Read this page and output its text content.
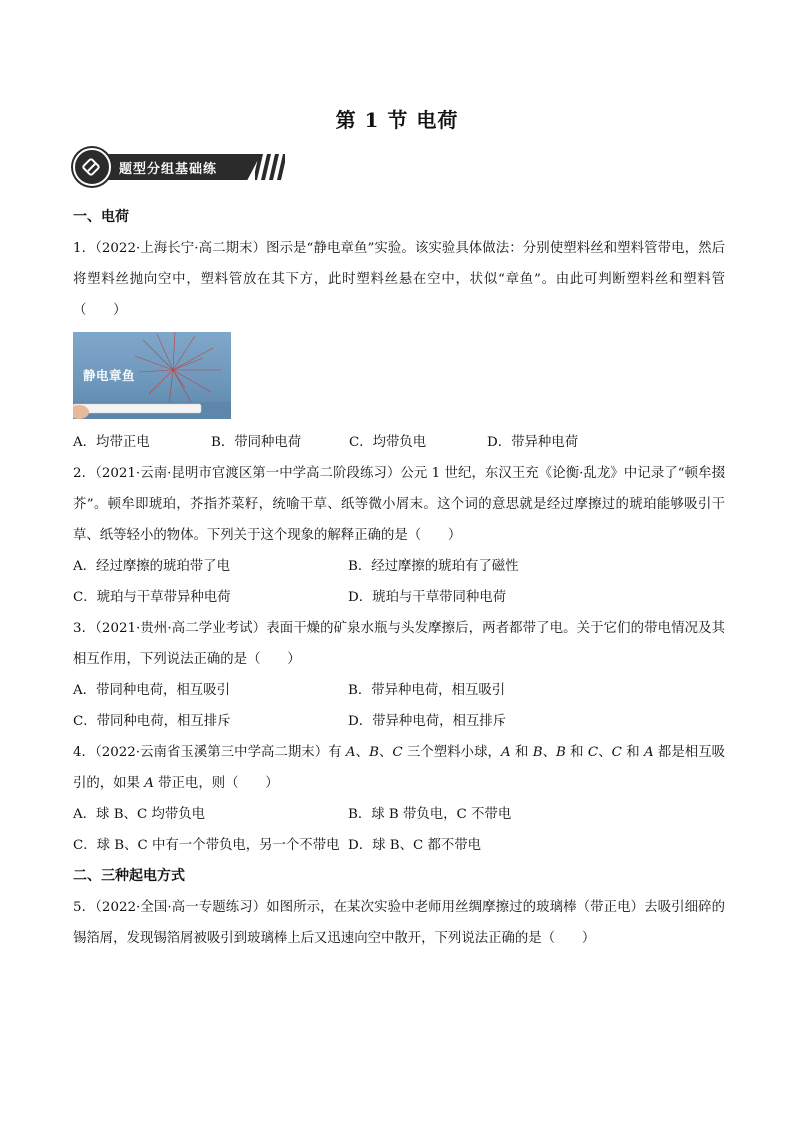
第 1 节 电荷
题型分组基础练

一、电荷

1．（2022·上海长宁·高二期末）图示是“静电章鱼”实验。该实验具体做法：分别使塑料丝和塑料管带电，然后将塑料丝抛向空中，塑料管放在其下方，此时塑料丝悬在空中，状似“章鱼”。由此可判断塑料丝和塑料管（　　）

静电章鱼
A．均带正电	B．带同种电荷	C．均带负电	D．带异种电荷

2．（2021·云南·昆明市官渡区第一中学高二阶段练习）公元 1 世纪，东汉王充《论衡·乱龙》中记录了“顿牟掇芥”。顿牟即琥珀，芥指芥菜籽，统喻干草、纸等微小屑末。这个词的意思就是经过摩擦过的琥珀能够吸引干草、纸等轻小的物体。下列关于这个现象的解释正确的是（　　）

A．经过摩擦的琥珀带了电	B．经过摩擦的琥珀有了磁性
C．琥珀与干草带异种电荷	D．琥珀与干草带同种电荷

3．（2021·贵州·高二学业考试）表面干燥的矿泉水瓶与头发摩擦后，两者都带了电。关于它们的带电情况及其相互作用，下列说法正确的是（　　）

A．带同种电荷，相互吸引	B．带异种电荷，相互吸引
C．带同种电荷，相互排斥	D．带异种电荷，相互排斥

4．（2022·云南省玉溪第三中学高二期末）有 A、B、C 三个塑料小球，A 和 B、B 和 C、C 和 A 都是相互吸引的，如果 A 带正电，则（　　）

A．球 B、C 均带负电	B．球 B 带负电，C 不带电
C．球 B、C 中有一个带负电，另一个不带电 D．球 B、C 都不带电

二、三种起电方式

5．（2022·全国·高一专题练习）如图所示，在某次实验中老师用丝绸摩擦过的玻璃棒（带正电）去吸引细碎的锡箔屑，发现锡箔屑被吸引到玻璃棒上后又迅速向空中散开，下列说法正确的是（　　）
